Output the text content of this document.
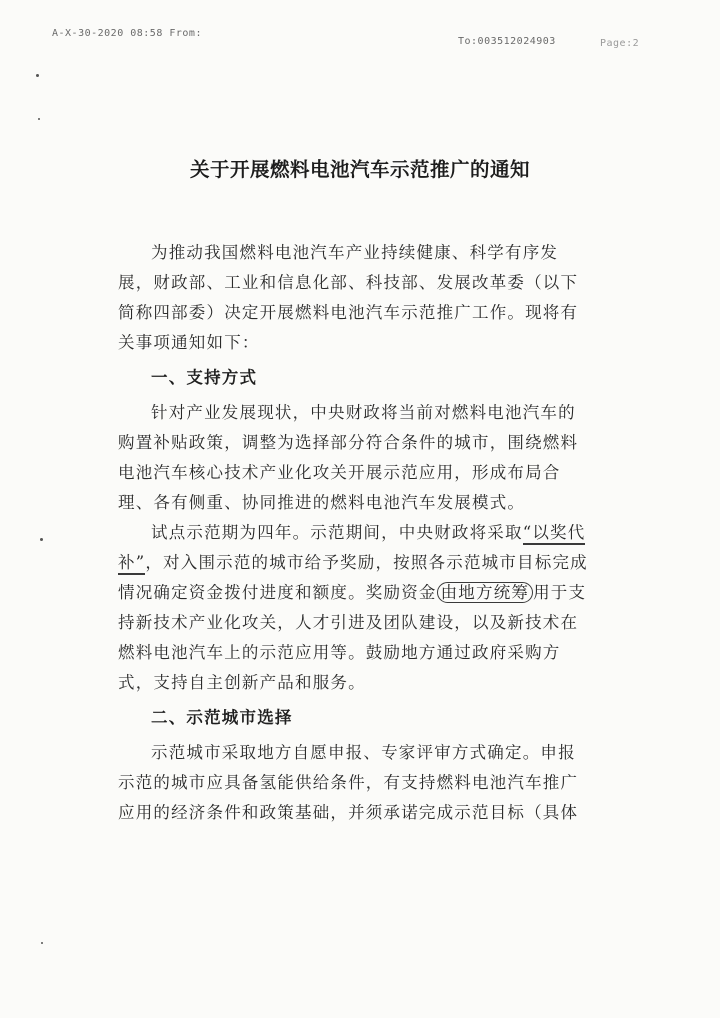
A-X-30-2020 08:58 From:
To:003512024903	Page:2
关于开展燃料电池汽车示范推广的通知

为推动我国燃料电池汽车产业持续健康、科学有序发展，财政部、工业和信息化部、科技部、发展改革委（以下简称四部委）决定开展燃料电池汽车示范推广工作。现将有关事项通知如下：

一、支持方式

针对产业发展现状，中央财政将当前对燃料电池汽车的购置补贴政策，调整为选择部分符合条件的城市，围绕燃料电池汽车核心技术产业化攻关开展示范应用，形成布局合理、各有侧重、协同推进的燃料电池汽车发展模式。

试点示范期为四年。示范期间，中央财政将采取“以奖代补”，对入围示范的城市给予奖励，按照各示范城市目标完成情况确定资金拨付进度和额度。奖励资金 由地方统筹 用于支持新技术产业化攻关，人才引进及团队建设，以及新技术在燃料电池汽车上的示范应用等。鼓励地方通过政府采购方式，支持自主创新产品和服务。

二、示范城市选择

示范城市采取地方自愿申报、专家评审方式确定。申报示范的城市应具备氢能供给条件，有支持燃料电池汽车推广应用的经济条件和政策基础，并须承诺完成示范目标（具体
